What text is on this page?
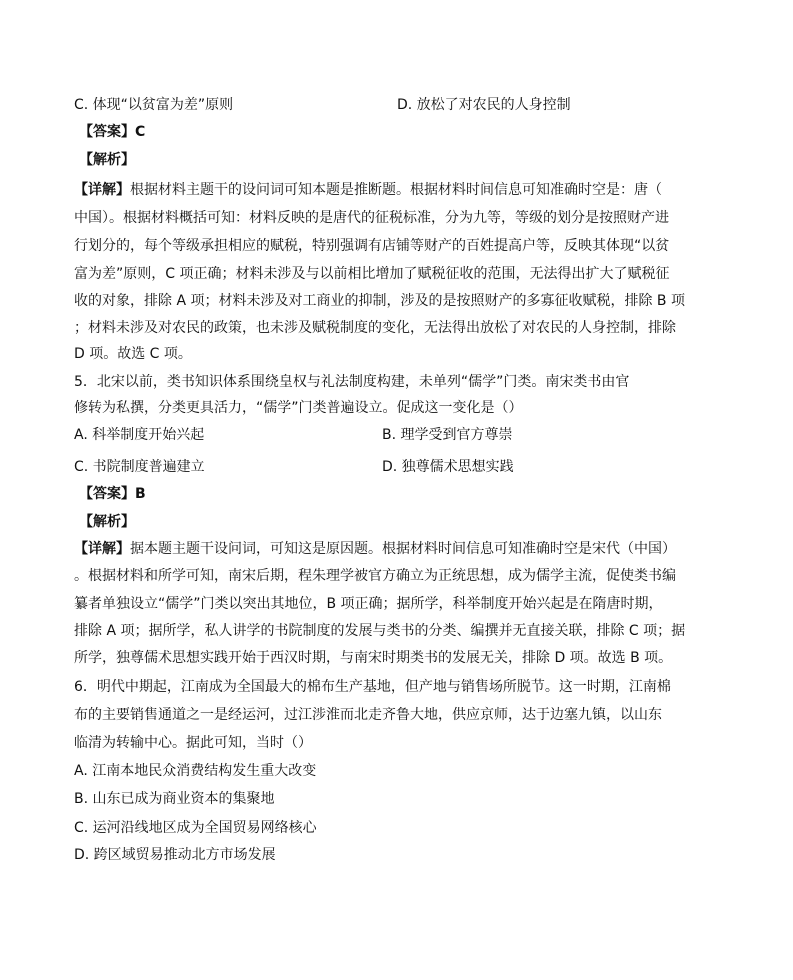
C. 体现“以贫富为差”原则	D. 放松了对农民的人身控制
【答案】C
【解析】
【详解】根据材料主题干的设问词可知本题是推断题。根据材料时间信息可知准确时空是：唐（
中国）。根据材料概括可知：材料反映的是唐代的征税标准，分为九等，等级的划分是按照财产进
行划分的，每个等级承担相应的赋税，特别强调有店铺等财产的百姓提高户等，反映其体现“以贫
富为差”原则，C 项正确；材料未涉及与以前相比增加了赋税征收的范围，无法得出扩大了赋税征
收的对象，排除 A 项；材料未涉及对工商业的抑制，涉及的是按照财产的多寡征收赋税，排除 B 项
；材料未涉及对农民的政策，也未涉及赋税制度的变化，无法得出放松了对农民的人身控制，排除
D 项。故选 C 项。
5．北宋以前，类书知识体系围绕皇权与礼法制度构建，未单列“儒学”门类。南宋类书由官
修转为私撰，分类更具活力，“儒学”门类普遍设立。促成这一变化是（）
A. 科举制度开始兴起	B. 理学受到官方尊崇
C. 书院制度普遍建立	D. 独尊儒术思想实践
【答案】B
【解析】
【详解】据本题主题干设问词，可知这是原因题。根据材料时间信息可知准确时空是宋代（中国）
。根据材料和所学可知，南宋后期，程朱理学被官方确立为正统思想，成为儒学主流，促使类书编
纂者单独设立“儒学”门类以突出其地位，B 项正确；据所学，科举制度开始兴起是在隋唐时期，
排除 A 项；据所学，私人讲学的书院制度的发展与类书的分类、编撰并无直接关联，排除 C 项；据
所学，独尊儒术思想实践开始于西汉时期，与南宋时期类书的发展无关，排除 D 项。故选 B 项。
6．明代中期起，江南成为全国最大的棉布生产基地，但产地与销售场所脱节。这一时期，江南棉
布的主要销售通道之一是经运河，过江涉淮而北走齐鲁大地，供应京师，达于边塞九镇，以山东
临清为转输中心。据此可知，当时（）
A. 江南本地民众消费结构发生重大改变
B. 山东已成为商业资本的集聚地
C. 运河沿线地区成为全国贸易网络核心
D. 跨区域贸易推动北方市场发展
